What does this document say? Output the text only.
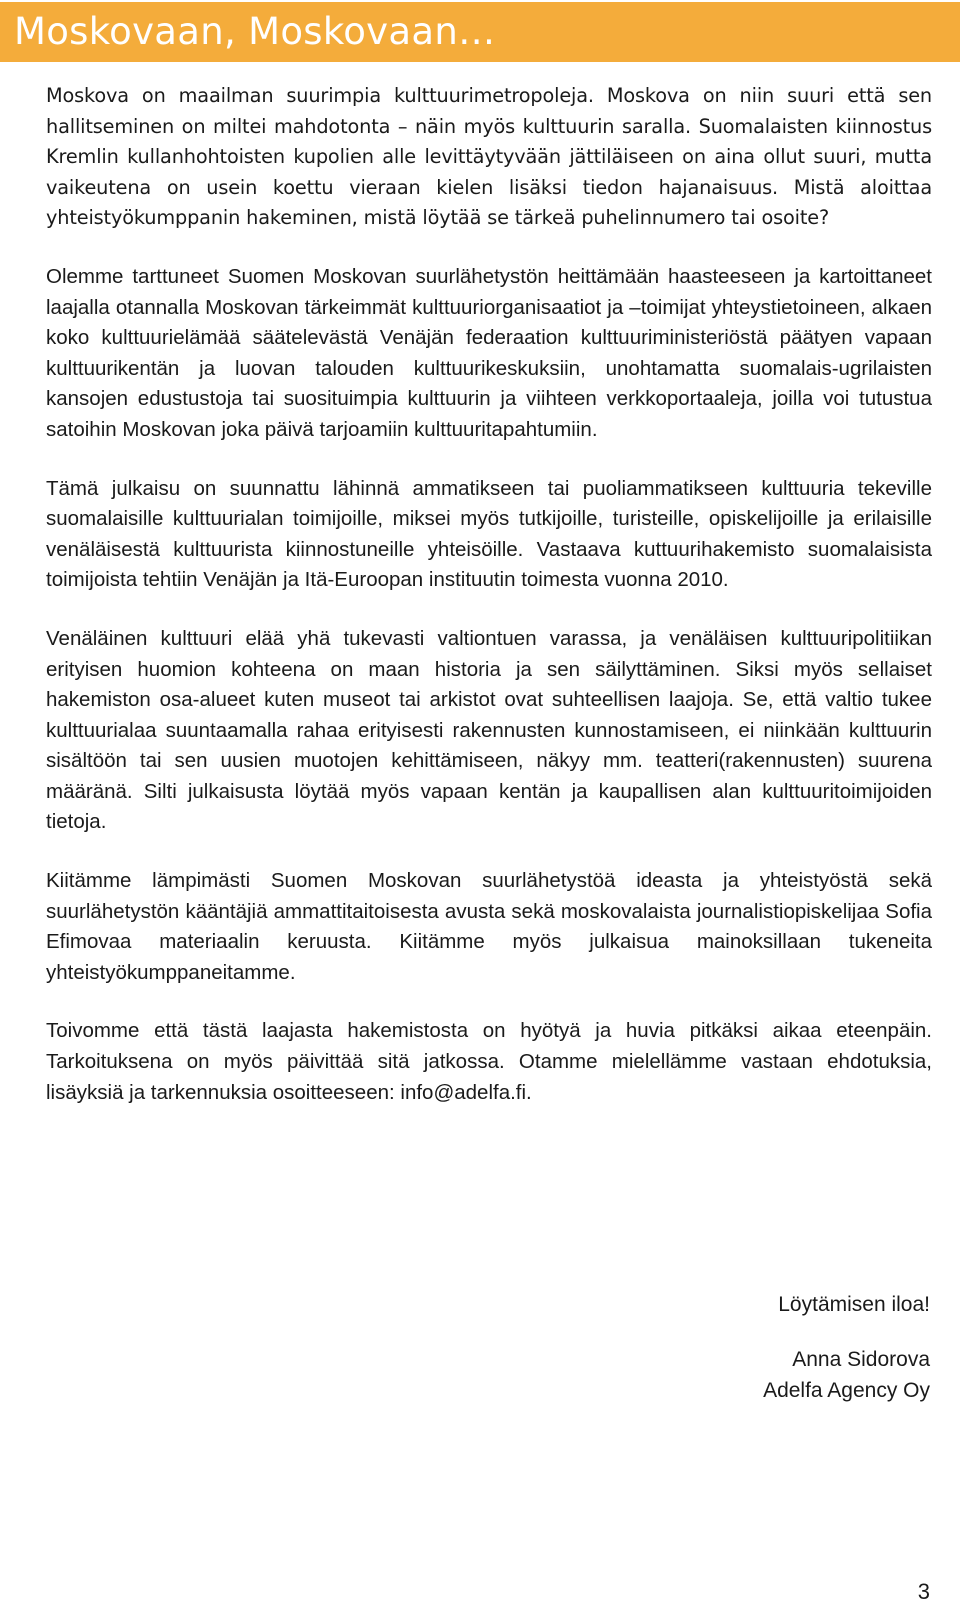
Moskovaan, Moskovaan…

Moskova on maailman suurimpia kulttuurimetropoleja. Moskova on niin suuri että sen hallitseminen on miltei mahdotonta – näin myös kulttuurin saralla. Suomalaisten kiinnostus Kremlin kullanhohtoisten kupolien alle levittäytyvään jättiläiseen on aina ollut suuri, mutta vaikeutena on usein koettu vieraan kielen lisäksi tiedon hajanaisuus. Mistä aloittaa yhteistyökumppanin hakeminen, mistä löytää se tärkeä puhelinnumero tai osoite?

Olemme tarttuneet Suomen Moskovan suurlähetystön heittämään haasteeseen ja kartoittaneet laajalla otannalla Moskovan tärkeimmät kulttuuriorganisaatiot ja –toimijat yhteystietoineen, alkaen koko kulttuurielämää säätelevästä Venäjän federaation kulttuuriministeriöstä päätyen vapaan kulttuurikentän ja luovan talouden kulttuurikeskuksiin, unohtamatta suomalais-ugrilaisten kansojen edustustoja tai suosituimpia kulttuurin ja viihteen verkkoportaaleja, joilla voi tutustua satoihin Moskovan joka päivä tarjoamiin kulttuuritapahtumiin.

Tämä julkaisu on suunnattu lähinnä ammatikseen tai puoliammatikseen kulttuuria tekeville suomalaisille kulttuurialan toimijoille, miksei myös tutkijoille, turisteille, opiskelijoille ja erilaisille venäläisestä kulttuurista kiinnostuneille yhteisöille. Vastaava kuttuurihakemisto suomalaisista toimijoista tehtiin Venäjän ja Itä-Euroopan instituutin toimesta vuonna 2010.

Venäläinen kulttuuri elää yhä tukevasti valtiontuen varassa, ja venäläisen kulttuuripolitiikan erityisen huomion kohteena on maan historia ja sen säilyttäminen. Siksi myös sellaiset hakemiston osa-alueet kuten museot tai arkistot ovat suhteellisen laajoja. Se, että valtio tukee kulttuurialaa suuntaamalla rahaa erityisesti rakennusten kunnostamiseen, ei niinkään kulttuurin sisältöön tai sen uusien muotojen kehittämiseen, näkyy mm. teatteri(rakennusten) suurena määränä. Silti julkaisusta löytää myös vapaan kentän ja kaupallisen alan kulttuuritoimijoiden tietoja.

Kiitämme lämpimästi Suomen Moskovan suurlähetystöä ideasta ja yhteistyöstä sekä suurlähetystön kääntäjiä ammattitaitoisesta avusta sekä moskovalaista journalistiopiskelijaa Sofia Efimovaa materiaalin keruusta. Kiitämme myös julkaisua mainoksillaan tukeneita yhteistyökumppaneitamme.

Toivomme että tästä laajasta hakemistosta on hyötyä ja huvia pitkäksi aikaa eteenpäin. Tarkoituksena on myös päivittää sitä jatkossa. Otamme mielellämme vastaan ehdotuksia, lisäyksiä ja tarkennuksia osoitteeseen: info@adelfa.fi.

Löytämisen iloa!

Anna Sidorova

Adelfa Agency Oy

3
